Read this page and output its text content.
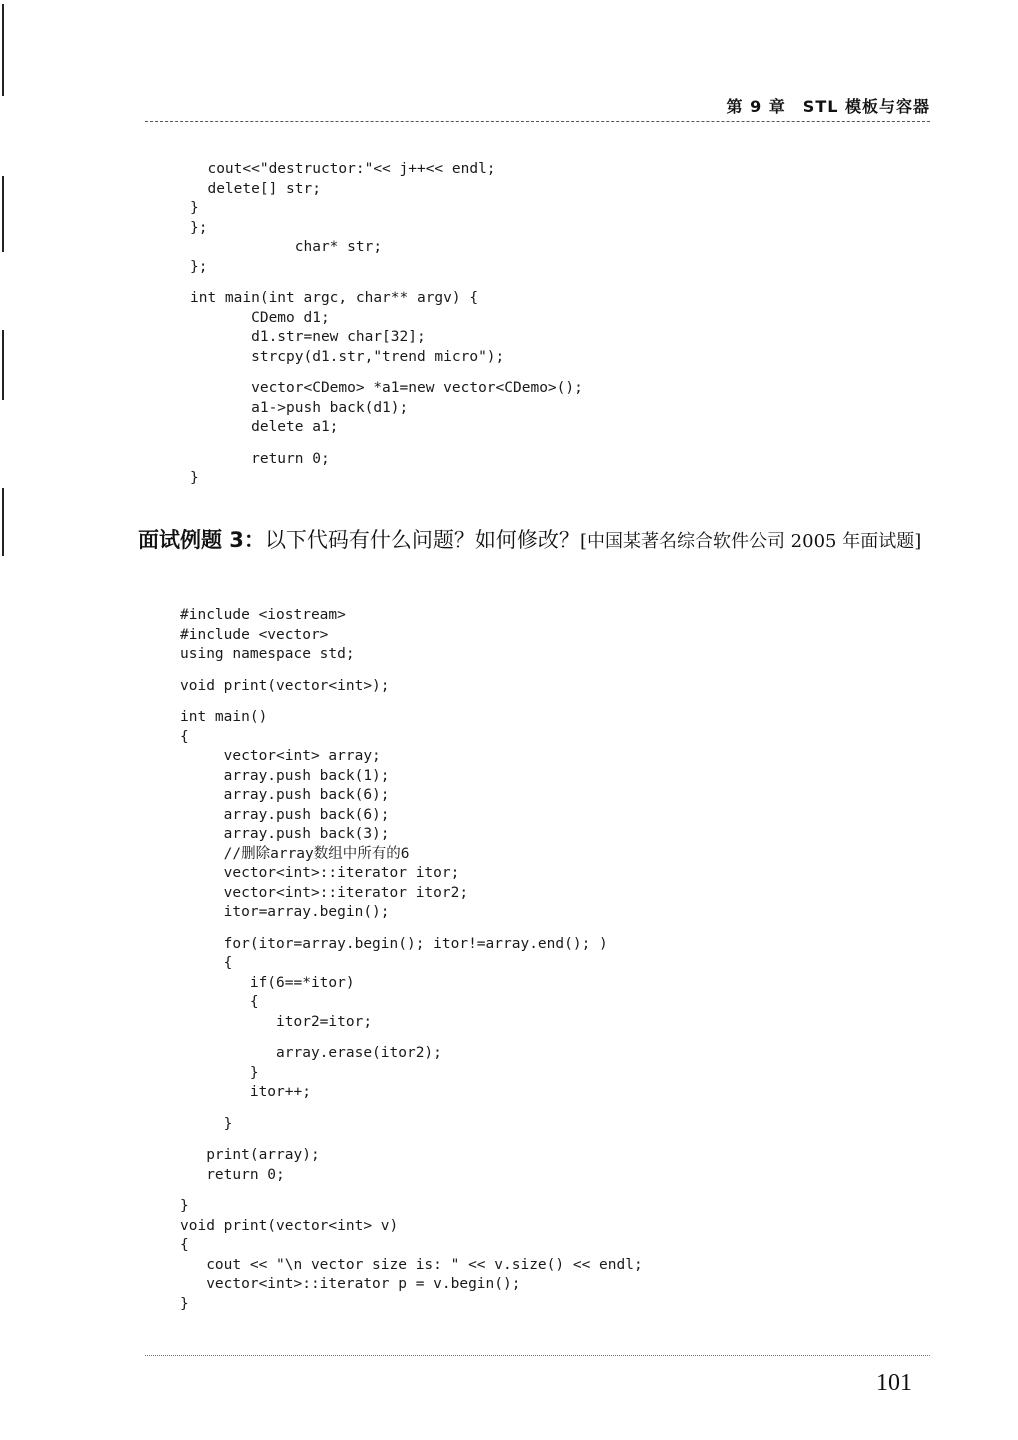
第 9 章　STL 模板与容器
cout<<"destructor:"<< j++<< endl;
delete[] str;
}
};
char* str;
};
int main(int argc, char** argv) {
CDemo d1;
d1.str=new char[32];
strcpy(d1.str,"trend micro");
vector<CDemo> *a1=new vector<CDemo>();
a1->push back(d1);
delete a1;
return 0;
}
面试例题 3：以下代码有什么问题？如何修改？[中国某著名综合软件公司 2005 年面试题]
#include <iostream>
#include <vector>
using namespace std;
void print(vector<int>);
int main()
{
vector<int> array;
array.push back(1);
array.push back(6);
array.push back(6);
array.push back(3);
//删除array数组中所有的6
vector<int>::iterator itor;
vector<int>::iterator itor2;
itor=array.begin();
for(itor=array.begin(); itor!=array.end(); )
{
if(6==*itor)
{
itor2=itor;
array.erase(itor2);
}
itor++;
}
print(array);
return 0;
}
void print(vector<int> v)
{
cout << "\n vector size is: " << v.size() << endl;
vector<int>::iterator p = v.begin();
}
101
